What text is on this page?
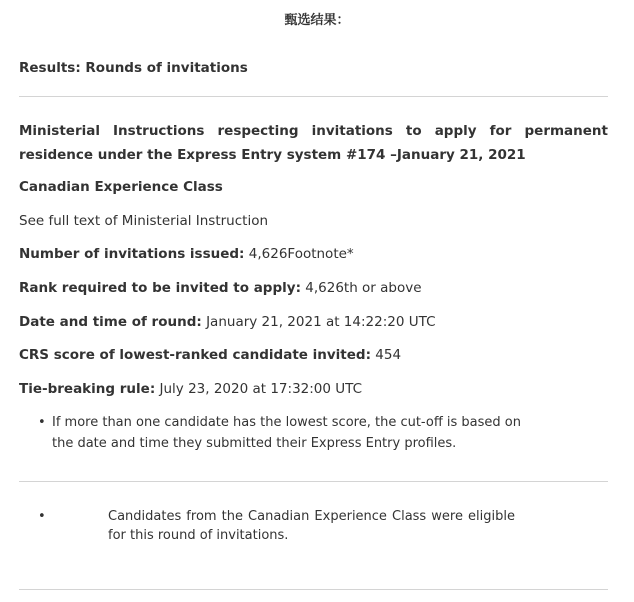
甄选结果：
Results: Rounds of invitations
Ministerial Instructions respecting invitations to apply for permanent residence under the Express Entry system #174 –January 21, 2021
Canadian Experience Class
See full text of Ministerial Instruction
Number of invitations issued: 4,626Footnote*
Rank required to be invited to apply: 4,626th or above
Date and time of round: January 21, 2021 at 14:22:20 UTC
CRS score of lowest-ranked candidate invited: 454
Tie-breaking rule: July 23, 2020 at 17:32:00 UTC
• If more than one candidate has the lowest score, the cut-off is based on the date and time they submitted their Express Entry profiles.
•	Candidates from the Canadian Experience Class were eligible for this round of invitations.
